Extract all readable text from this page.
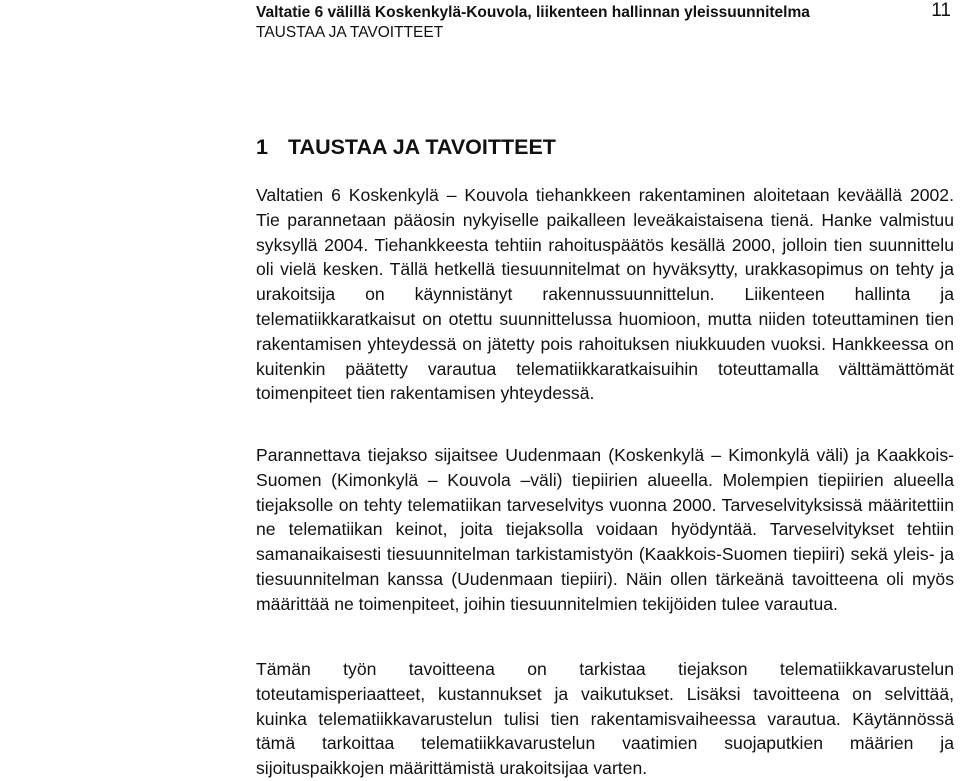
Valtatie 6 välillä Koskenkylä-Kouvola, liikenteen hallinnan yleissuunnitelma
TAUSTAA JA TAVOITTEET
11
1 TAUSTAA JA TAVOITTEET

Valtatien 6 Koskenkylä – Kouvola tiehankkeen rakentaminen aloitetaan keväällä 2002. Tie parannetaan pääosin nykyiselle paikalleen leveäkaistaisena tienä. Hanke valmistuu syksyllä 2004. Tiehankkeesta tehtiin rahoituspäätös kesällä 2000, jolloin tien suunnittelu oli vielä kesken. Tällä hetkellä tiesuunnitelmat on hyväksytty, urakkasopimus on tehty ja urakoitsija on käynnistänyt rakennussuunnittelun. Liikenteen hallinta ja telematiikkaratkaisut on otettu suunnittelussa huomioon, mutta niiden toteuttaminen tien rakentamisen yhteydessä on jätetty pois rahoituksen niukkuuden vuoksi. Hankkeessa on kuitenkin päätetty varautua telematiikkaratkaisuihin toteuttamalla välttämättömät toimenpiteet tien rakentamisen yhteydessä.

Parannettava tiejakso sijaitsee Uudenmaan (Koskenkylä – Kimonkylä väli) ja Kaakkois-Suomen (Kimonkylä – Kouvola –väli) tiepiirien alueella. Molempien tiepiirien alueella tiejaksolle on tehty telematiikan tarveselvitys vuonna 2000. Tarveselvityksissä määritettiin ne telematiikan keinot, joita tiejaksolla voidaan hyödyntää. Tarveselvitykset tehtiin samanaikaisesti tiesuunnitelman tarkistamistyön (Kaakkois-Suomen tiepiiri) sekä yleis- ja tiesuunnitelman kanssa (Uudenmaan tiepiiri). Näin ollen tärkeänä tavoitteena oli myös määrittää ne toimenpiteet, joihin tiesuunnitelmien tekijöiden tulee varautua.

Tämän työn tavoitteena on tarkistaa tiejakson telematiikkavarustelun toteutamisperiaatteet, kustannukset ja vaikutukset. Lisäksi tavoitteena on selvittää, kuinka telematiikkavarustelun tulisi tien rakentamisvaiheessa varautua. Käytännössä tämä tarkoittaa telematiikkavarustelun vaatimien suojaputkien määrien ja sijoituspaikkojen määrittämistä urakoitsijaa varten.
